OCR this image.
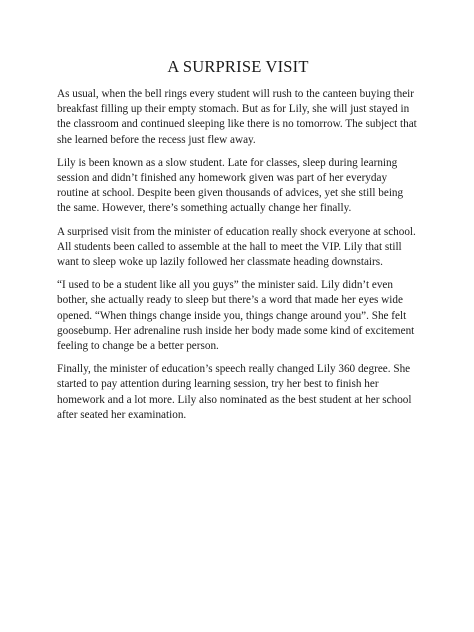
A SURPRISE VISIT

As usual, when the bell rings every student will rush to the canteen buying their breakfast filling up their empty stomach. But as for Lily, she will just stayed in the classroom and continued sleeping like there is no tomorrow. The subject that she learned before the recess just flew away.

Lily is been known as a slow student. Late for classes, sleep during learning session and didn’t finished any homework given was part of her everyday routine at school. Despite been given thousands of advices, yet she still being the same. However, there’s something actually change her finally.

A surprised visit from the minister of education really shock everyone at school. All students been called to assemble at the hall to meet the VIP. Lily that still want to sleep woke up lazily followed her classmate heading downstairs.

“I used to be a student like all you guys” the minister said. Lily didn’t even bother, she actually ready to sleep but there’s a word that made her eyes wide opened. “When things change inside you, things change around you”. She felt goosebump. Her adrenaline rush inside her body made some kind of excitement feeling to change be a better person.

Finally, the minister of education’s speech really changed Lily 360 degree. She started to pay attention during learning session, try her best to finish her homework and a lot more. Lily also nominated as the best student at her school after seated her examination.
